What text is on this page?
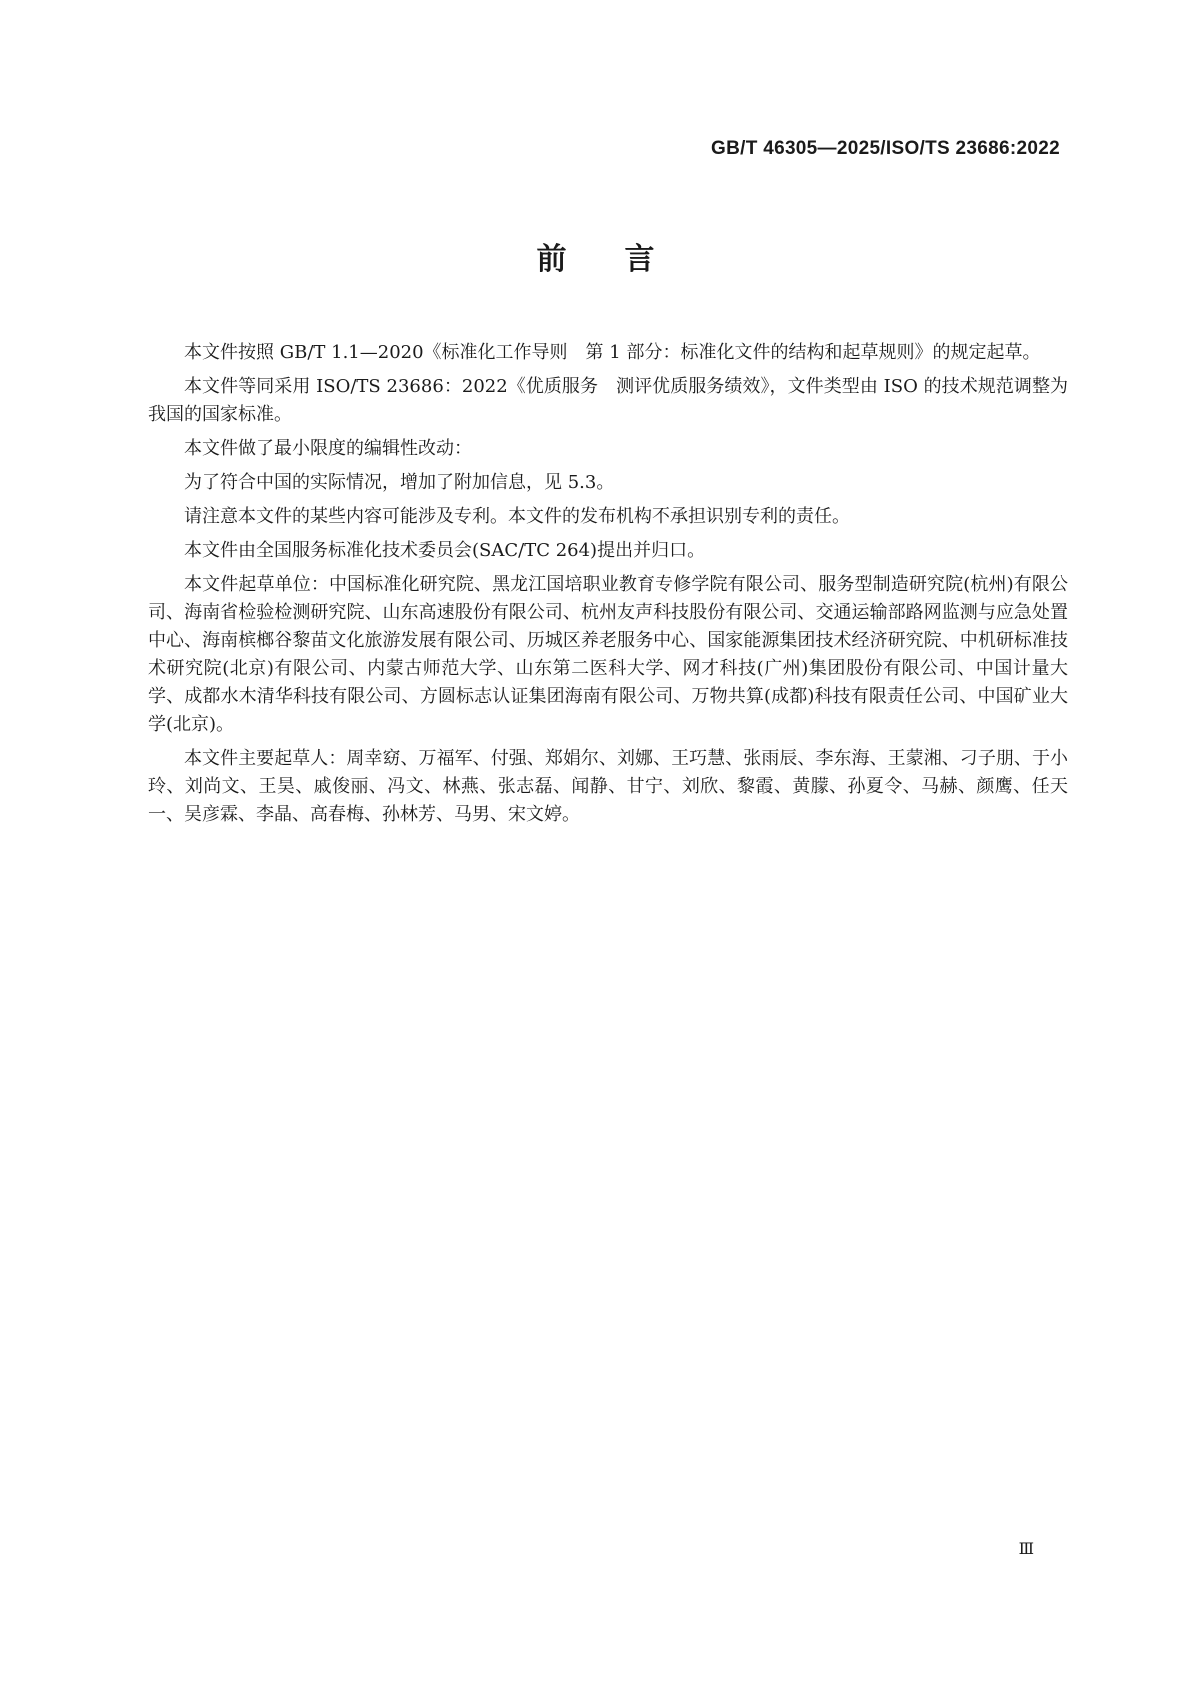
GB/T 46305—2025/ISO/TS 23686:2022
前言

本文件按照 GB/T 1.1—2020《标准化工作导则　第 1 部分：标准化文件的结构和起草规则》的规定起草。

本文件等同采用 ISO/TS 23686：2022《优质服务　测评优质服务绩效》，文件类型由 ISO 的技术规范调整为我国的国家标准。

本文件做了最小限度的编辑性改动：

为了符合中国的实际情况，增加了附加信息，见 5.3。

请注意本文件的某些内容可能涉及专利。本文件的发布机构不承担识别专利的责任。

本文件由全国服务标准化技术委员会(SAC/TC 264)提出并归口。

本文件起草单位：中国标准化研究院、黑龙江国培职业教育专修学院有限公司、服务型制造研究院(杭州)有限公司、海南省检验检测研究院、山东高速股份有限公司、杭州友声科技股份有限公司、交通运输部路网监测与应急处置中心、海南槟榔谷黎苗文化旅游发展有限公司、历城区养老服务中心、国家能源集团技术经济研究院、中机研标准技术研究院(北京)有限公司、内蒙古师范大学、山东第二医科大学、网才科技(广州)集团股份有限公司、中国计量大学、成都水木清华科技有限公司、方圆标志认证集团海南有限公司、万物共算(成都)科技有限责任公司、中国矿业大学(北京)。

本文件主要起草人：周幸窈、万福军、付强、郑娟尔、刘娜、王巧慧、张雨辰、李东海、王蒙湘、刁子朋、于小玲、刘尚文、王昊、戚俊丽、冯文、林燕、张志磊、闻静、甘宁、刘欣、黎霞、黄朦、孙夏令、马赫、颜鹰、任天一、吴彦霖、李晶、高春梅、孙林芳、马男、宋文婷。

Ⅲ
